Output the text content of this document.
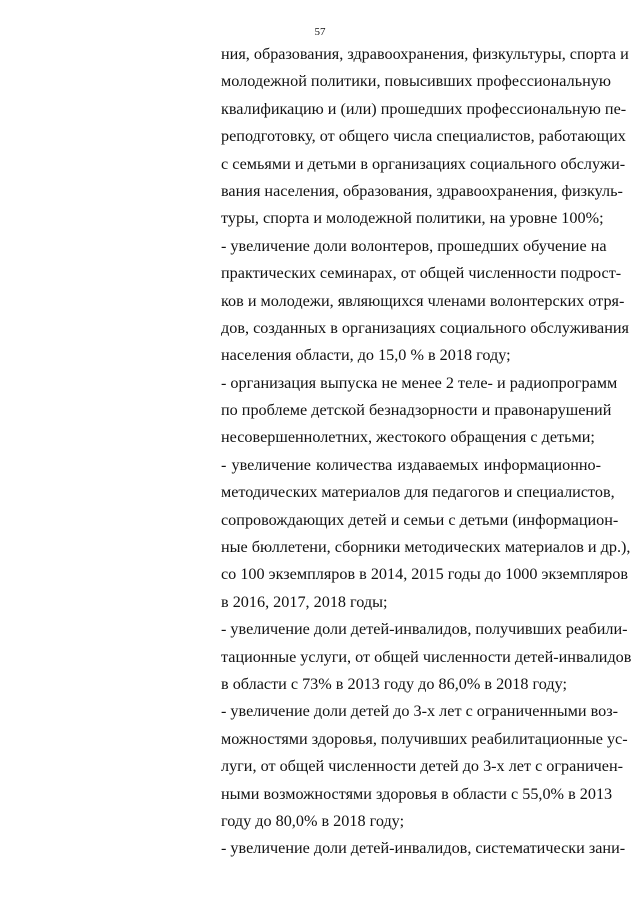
57
ния, образования, здравоохранения, физкультуры, спорта и
молодежной политики, повысивших профессиональную
квалификацию и (или) прошедших профессиональную пе-
реподготовку, от общего числа специалистов, работающих
с семьями и детьми в организациях социального обслужи-
вания населения, образования, здравоохранения, физкуль-
туры, спорта и молодежной политики, на уровне 100%;
- увеличение доли волонтеров, прошедших обучение на
практических семинарах, от общей численности подрост-
ков и молодежи, являющихся членами волонтерских отря-
дов, созданных в организациях социального обслуживания
населения области, до 15,0 % в 2018 году;
- организация выпуска не менее 2 теле- и радиопрограмм
по проблеме детской безнадзорности и правонарушений
несовершеннолетних, жестокого обращения с детьми;
- увеличение количества издаваемых информационно-
методических материалов для педагогов и специалистов,
сопровождающих детей и семьи с детьми (информацион-
ные бюллетени, сборники методических материалов и др.),
со 100 экземпляров в 2014, 2015 годы до 1000 экземпляров
в 2016, 2017, 2018 годы;
- увеличение доли детей-инвалидов, получивших реабили-
тационные услуги, от общей численности детей-инвалидов
в области с 73% в 2013 году до 86,0% в 2018 году;
- увеличение доли детей до 3-х лет с ограниченными воз-
можностями здоровья, получивших реабилитационные ус-
луги, от общей численности детей до 3-х лет с ограничен-
ными возможностями здоровья в области с 55,0% в 2013
году до 80,0% в 2018 году;
- увеличение доли детей-инвалидов, систематически зани-
